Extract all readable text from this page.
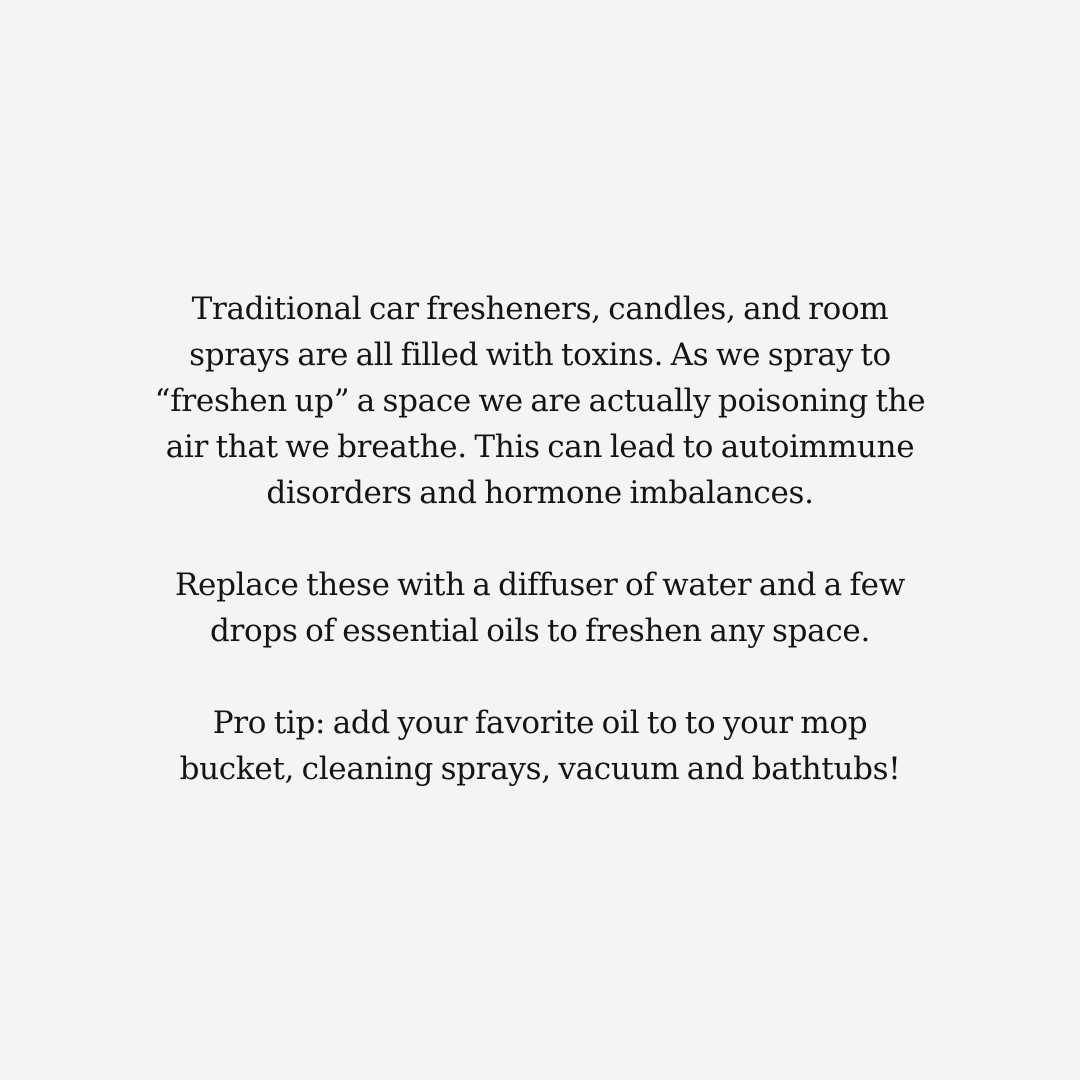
Traditional car fresheners, candles, and room
sprays are all filled with toxins. As we spray to
“freshen up” a space we are actually poisoning the
air that we breathe. This can lead to autoimmune
disorders and hormone imbalances.

Replace these with a diffuser of water and a few
drops of essential oils to freshen any space.

Pro tip: add your favorite oil to to your mop
bucket, cleaning sprays, vacuum and bathtubs!
